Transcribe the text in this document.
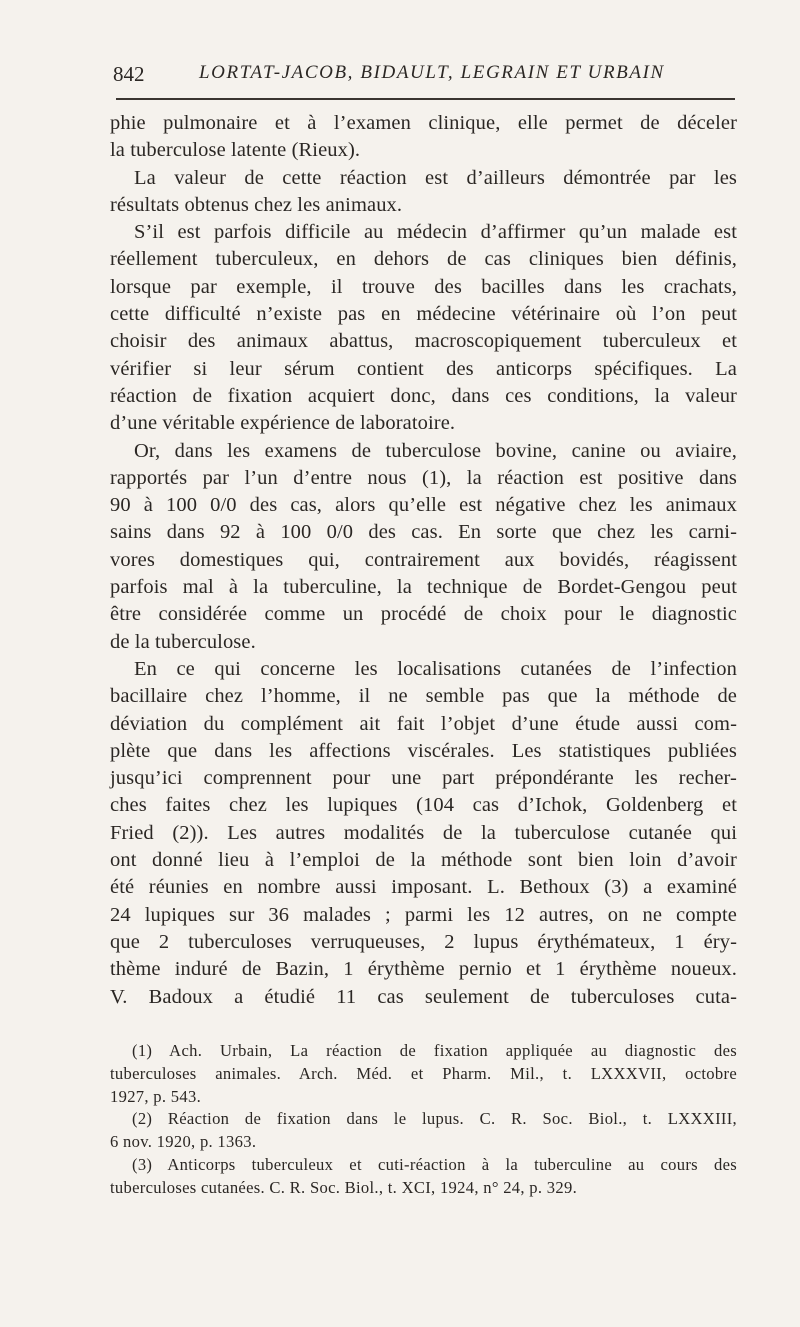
842	LORTAT-JACOB, BIDAULT, LEGRAIN ET URBAIN
phie pulmonaire et à l’examen clinique, elle permet de déceler
la tuberculose latente (Rieux).
La valeur de cette réaction est d’ailleurs démontrée par les
résultats obtenus chez les animaux.
S’il est parfois difficile au médecin d’affirmer qu’un malade est
réellement tuberculeux, en dehors de cas cliniques bien définis,
lorsque par exemple, il trouve des bacilles dans les crachats,
cette difficulté n’existe pas en médecine vétérinaire où l’on peut
choisir des animaux abattus, macroscopiquement tuberculeux et
vérifier si leur sérum contient des anticorps spécifiques. La
réaction de fixation acquiert donc, dans ces conditions, la valeur
d’une véritable expérience de laboratoire.
Or, dans les examens de tuberculose bovine, canine ou aviaire,
rapportés par l’un d’entre nous (1), la réaction est positive dans
90 à 100 0/0 des cas, alors qu’elle est négative chez les animaux
sains dans 92 à 100 0/0 des cas. En sorte que chez les carni-
vores domestiques qui, contrairement aux bovidés, réagissent
parfois mal à la tuberculine, la technique de Bordet-Gengou peut
être considérée comme un procédé de choix pour le diagnostic
de la tuberculose.
En ce qui concerne les localisations cutanées de l’infection
bacillaire chez l’homme, il ne semble pas que la méthode de
déviation du complément ait fait l’objet d’une étude aussi com-
plète que dans les affections viscérales. Les statistiques publiées
jusqu’ici comprennent pour une part prépondérante les recher-
ches faites chez les lupiques (104 cas d’Ichok, Goldenberg et
Fried (2)). Les autres modalités de la tuberculose cutanée qui
ont donné lieu à l’emploi de la méthode sont bien loin d’avoir
été réunies en nombre aussi imposant. L. Bethoux (3) a examiné
24 lupiques sur 36 malades ; parmi les 12 autres, on ne compte
que 2 tuberculoses verruqueuses, 2 lupus érythémateux, 1 éry-
thème induré de Bazin, 1 érythème pernio et 1 érythème noueux.
V. Badoux a étudié 11 cas seulement de tuberculoses cuta-
(1) Ach. Urbain, La réaction de fixation appliquée au diagnostic des
tuberculoses animales. Arch. Méd. et Pharm. Mil., t. LXXXVII, octobre
1927, p. 543.
(2) Réaction de fixation dans le lupus. C. R. Soc. Biol., t. LXXXIII,
6 nov. 1920, p. 1363.
(3) Anticorps tuberculeux et cuti-réaction à la tuberculine au cours des
tuberculoses cutanées. C. R. Soc. Biol., t. XCI, 1924, n° 24, p. 329.
